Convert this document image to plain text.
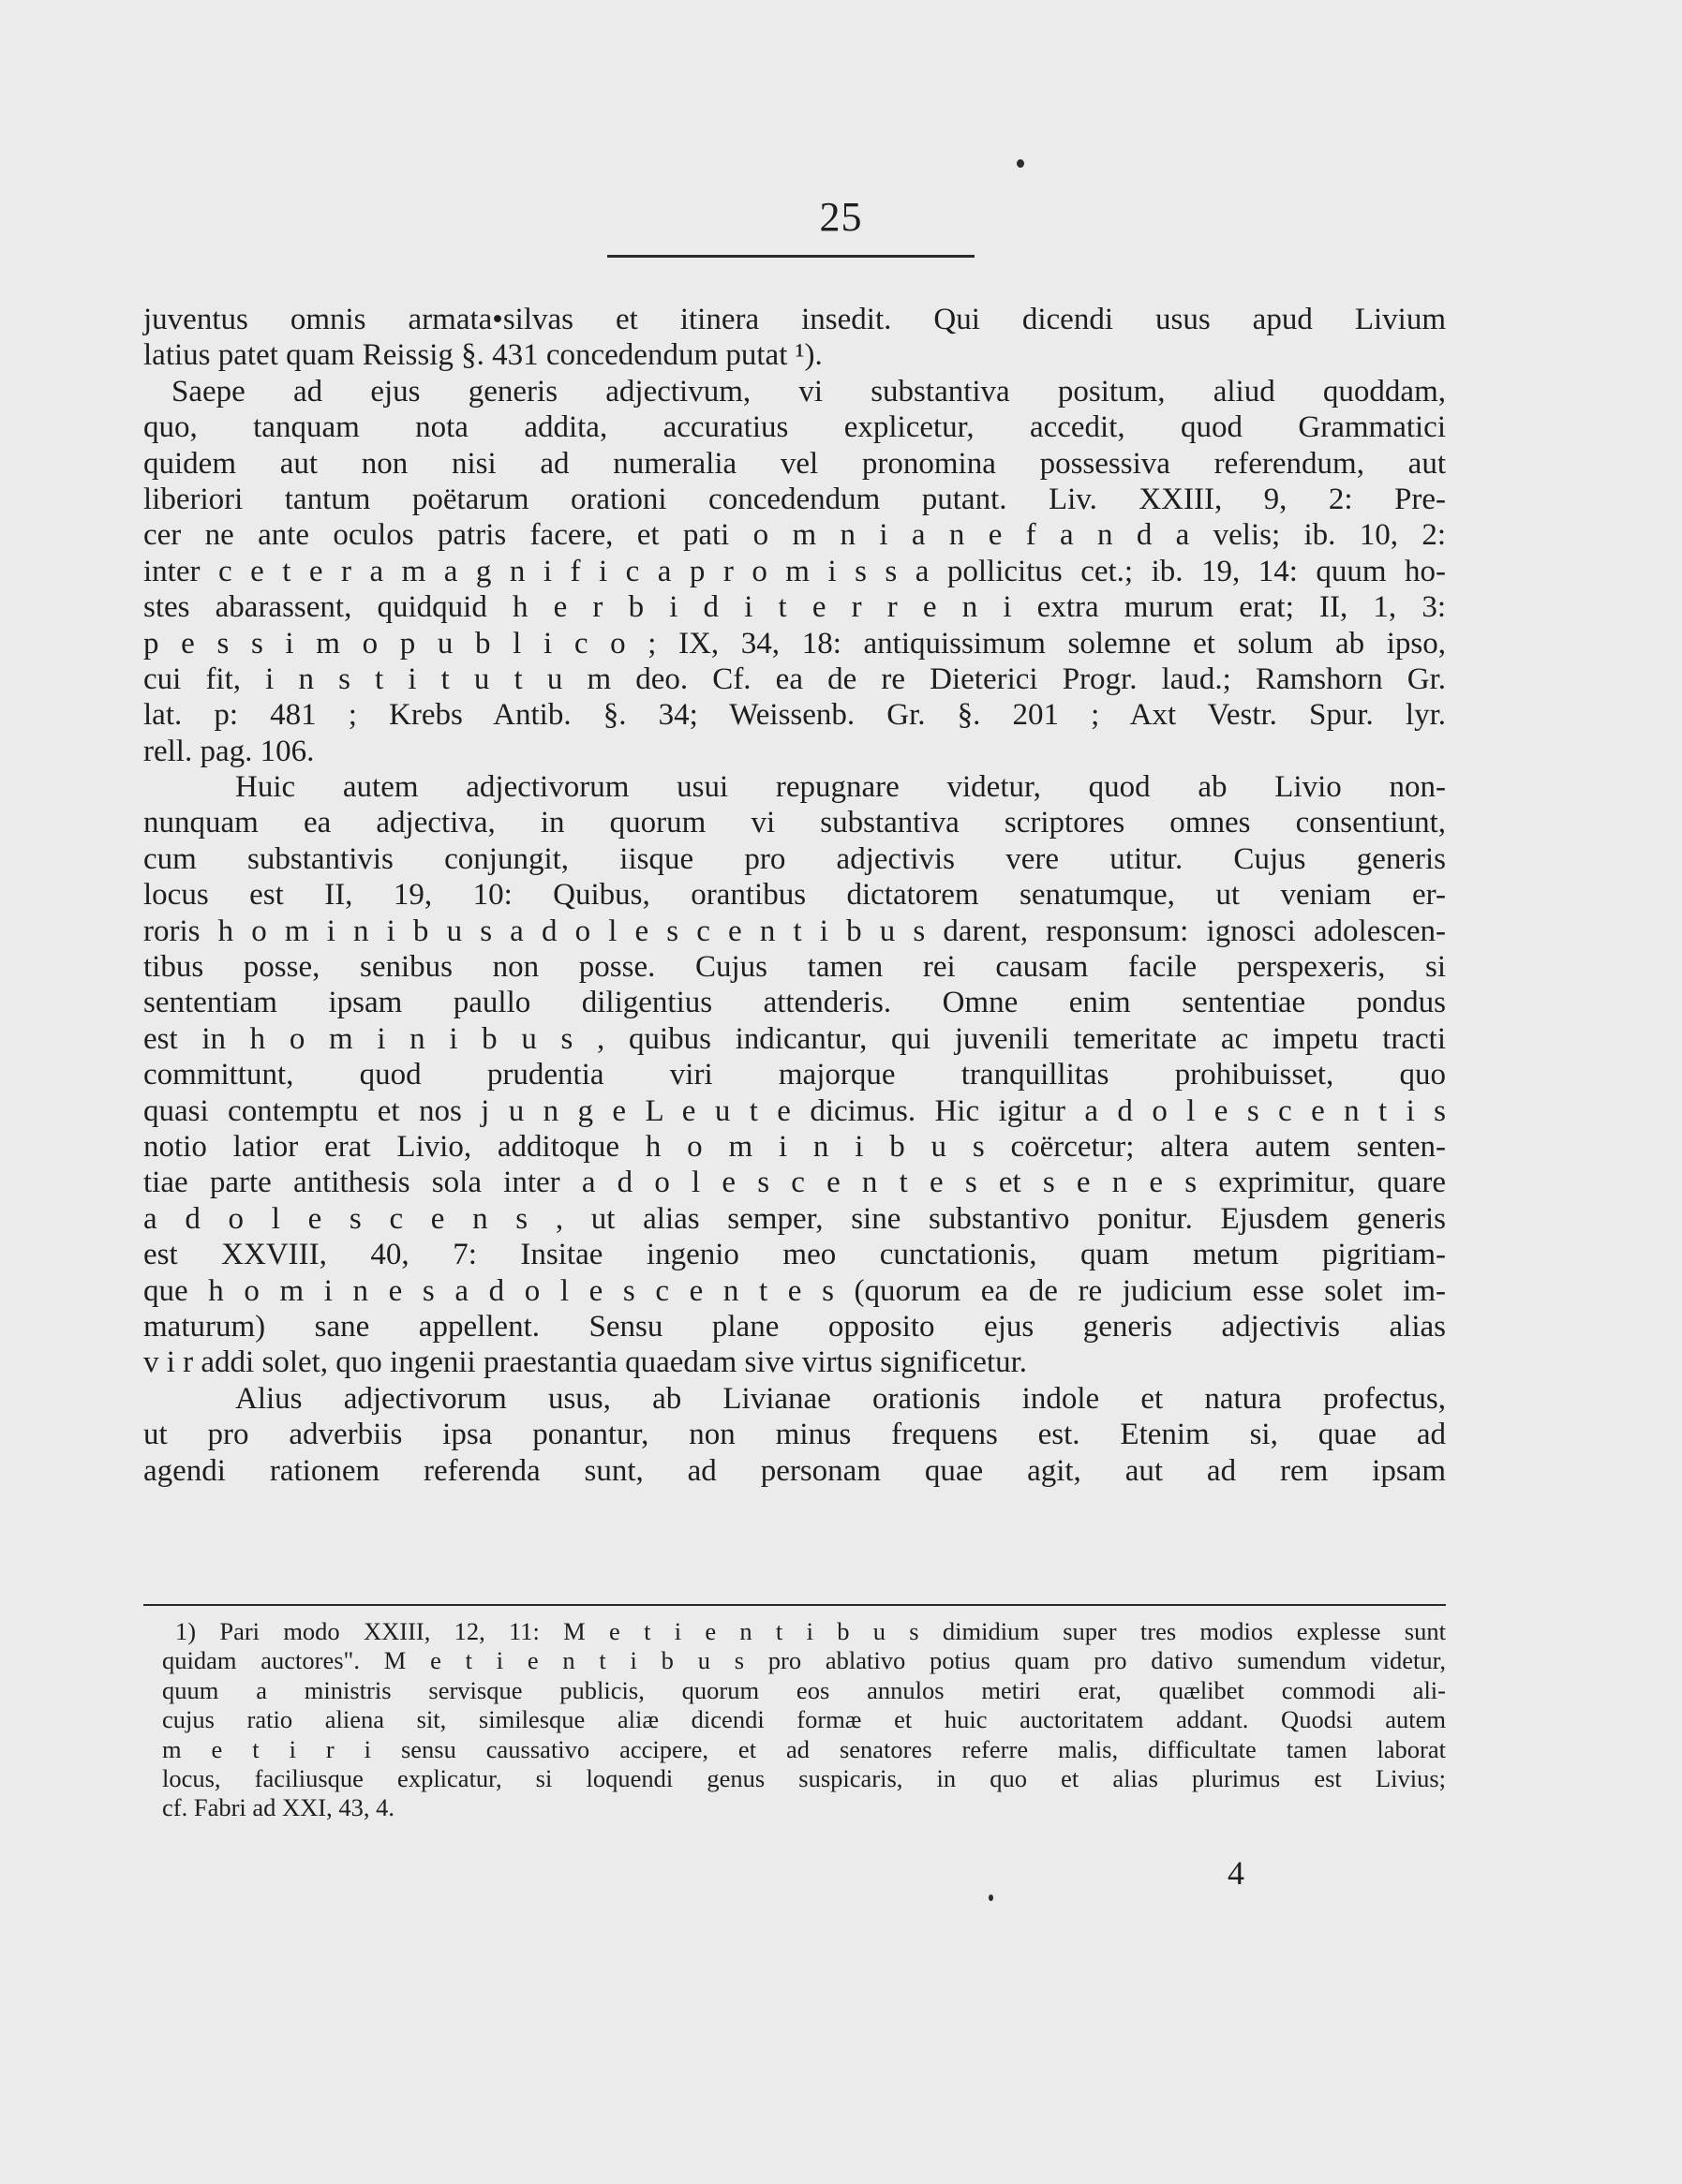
25
juventus omnis armata•silvas et itinera insedit. Qui dicendi usus apud Livium
latius patet quam Reissig §. 431 concedendum putat ¹).
Saepe ad ejus generis adjectivum, vi substantiva positum, aliud quoddam,
quo, tanquam nota addita, accuratius explicetur, accedit, quod Grammatici
quidem aut non nisi ad numeralia vel pronomina possessiva referendum, aut
liberiori tantum poëtarum orationi concedendum putant. Liv. XXIII, 9, 2: Pre-
cer ne ante oculos patris facere, et pati o m n i a n e f a n d a velis; ib. 10, 2:
inter c e t e r a m a g n i f i c a p r o m i s s a pollicitus cet.; ib. 19, 14: quum ho-
stes abarassent, quidquid h e r b i d i t e r r e n i extra murum erat; II, 1, 3:
p e s s i m o p u b l i c o ; IX, 34, 18: antiquissimum solemne et solum ab ipso,
cui fit, i n s t i t u t u m deo. Cf. ea de re Dieterici Progr. laud.; Ramshorn Gr.
lat. p: 481 ; Krebs Antib. §. 34; Weissenb. Gr. §. 201 ; Axt Vestr. Spur. lyr.
rell. pag. 106.
Huic autem adjectivorum usui repugnare videtur, quod ab Livio non-
nunquam ea adjectiva, in quorum vi substantiva scriptores omnes consentiunt,
cum substantivis conjungit, iisque pro adjectivis vere utitur. Cujus generis
locus est II, 19, 10: Quibus, orantibus dictatorem senatumque, ut veniam er-
roris h o m i n i b u s a d o l e s c e n t i b u s darent, responsum: ignosci adolescen-
tibus posse, senibus non posse. Cujus tamen rei causam facile perspexeris, si
sententiam ipsam paullo diligentius attenderis. Omne enim sententiae pondus
est in h o m i n i b u s , quibus indicantur, qui juvenili temeritate ac impetu tracti
committunt, quod prudentia viri majorque tranquillitas prohibuisset, quo
quasi contemptu et nos j u n g e L e u t e dicimus. Hic igitur a d o l e s c e n t i s
notio latior erat Livio, additoque h o m i n i b u s coërcetur; altera autem senten-
tiae parte antithesis sola inter a d o l e s c e n t e s et s e n e s exprimitur, quare
a d o l e s c e n s , ut alias semper, sine substantivo ponitur. Ejusdem generis
est XXVIII, 40, 7: Insitae ingenio meo cunctationis, quam metum pigritiam-
que h o m i n e s a d o l e s c e n t e s (quorum ea de re judicium esse solet im-
maturum) sane appellent. Sensu plane opposito ejus generis adjectivis alias
v i r addi solet, quo ingenii praestantia quaedam sive virtus significetur.
Alius adjectivorum usus, ab Livianae orationis indole et natura profectus,
ut pro adverbiis ipsa ponantur, non minus frequens est. Etenim si, quae ad
agendi rationem referenda sunt, ad personam quae agit, aut ad rem ipsam
1) Pari modo XXIII, 12, 11: M e t i e n t i b u s dimidium super tres modios explesse sunt
quidam auctores". M e t i e n t i b u s pro ablativo potius quam pro dativo sumendum videtur,
quum a ministris servisque publicis, quorum eos annulos metiri erat, quælibet commodi ali-
cujus ratio aliena sit, similesque aliæ dicendi formæ et huic auctoritatem addant. Quodsi autem
m e t i r i sensu caussativo accipere, et ad senatores referre malis, difficultate tamen laborat
locus, faciliusque explicatur, si loquendi genus suspicaris, in quo et alias plurimus est Livius;
cf. Fabri ad XXI, 43, 4.
4
